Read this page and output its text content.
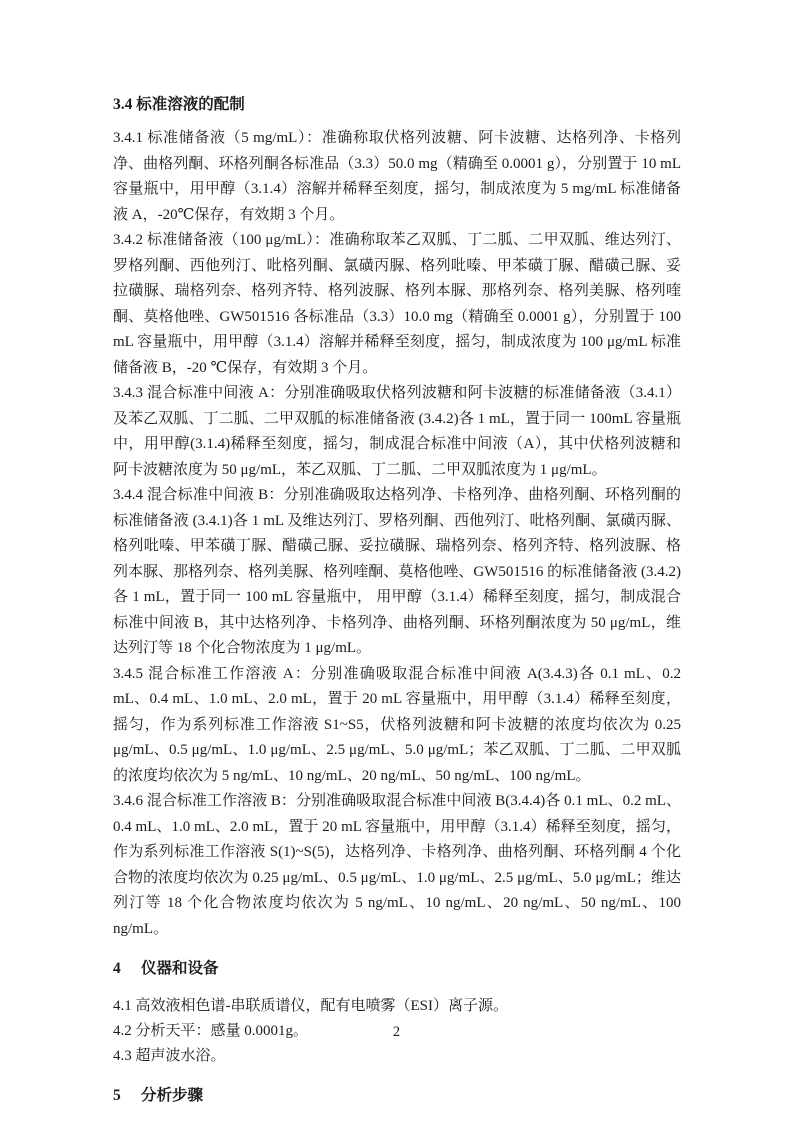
3.4 标准溶液的配制

3.4.1 标准储备液（5 mg/mL）：准确称取伏格列波糖、阿卡波糖、达格列净、卡格列净、曲格列酮、环格列酮各标准品（3.3）50.0 mg（精确至 0.0001 g），分别置于 10 mL 容量瓶中，用甲醇（3.1.4）溶解并稀释至刻度，摇匀，制成浓度为 5 mg/mL 标准储备液 A，-20℃保存，有效期 3 个月。

3.4.2 标准储备液（100 μg/mL）：准确称取苯乙双胍、丁二胍、二甲双胍、维达列汀、罗格列酮、西他列汀、吡格列酮、氯磺丙脲、格列吡嗪、甲苯磺丁脲、醋磺己脲、妥拉磺脲、瑞格列奈、格列齐特、格列波脲、格列本脲、那格列奈、格列美脲、格列喹酮、莫格他唑、GW501516 各标准品（3.3）10.0 mg（精确至 0.0001 g），分别置于 100 mL 容量瓶中，用甲醇（3.1.4）溶解并稀释至刻度，摇匀，制成浓度为 100 μg/mL 标准储备液 B，-20 ℃保存，有效期 3 个月。

3.4.3 混合标准中间液 A：分别准确吸取伏格列波糖和阿卡波糖的标准储备液（3.4.1）及苯乙双胍、丁二胍、二甲双胍的标准储备液 (3.4.2)各 1 mL，置于同一 100mL 容量瓶中，用甲醇(3.1.4)稀释至刻度，摇匀，制成混合标准中间液（A），其中伏格列波糖和阿卡波糖浓度为 50 μg/mL，苯乙双胍、丁二胍、二甲双胍浓度为 1 μg/mL。

3.4.4 混合标准中间液 B：分别准确吸取达格列净、卡格列净、曲格列酮、环格列酮的标准储备液 (3.4.1)各 1 mL 及维达列汀、罗格列酮、西他列汀、吡格列酮、氯磺丙脲、格列吡嗪、甲苯磺丁脲、醋磺己脲、妥拉磺脲、瑞格列奈、格列齐特、格列波脲、格列本脲、那格列奈、格列美脲、格列喹酮、莫格他唑、GW501516 的标准储备液 (3.4.2)各 1 mL，置于同一 100 mL 容量瓶中， 用甲醇（3.1.4）稀释至刻度，摇匀，制成混合标准中间液 B，其中达格列净、卡格列净、曲格列酮、环格列酮浓度为 50 μg/mL，维达列汀等 18 个化合物浓度为 1 μg/mL。

3.4.5 混合标准工作溶液 A：分别准确吸取混合标准中间液 A(3.4.3)各 0.1 mL、0.2 mL、0.4 mL、1.0 mL、2.0 mL，置于 20 mL 容量瓶中，用甲醇（3.1.4）稀释至刻度，摇匀，作为系列标准工作溶液 S1~S5，伏格列波糖和阿卡波糖的浓度均依次为 0.25 μg/mL、0.5 μg/mL、1.0 μg/mL、2.5 μg/mL、5.0 μg/mL；苯乙双胍、丁二胍、二甲双胍的浓度均依次为 5 ng/mL、10 ng/mL、20 ng/mL、50 ng/mL、100 ng/mL。

3.4.6 混合标准工作溶液 B：分别准确吸取混合标准中间液 B(3.4.4)各 0.1 mL、0.2 mL、0.4 mL、1.0 mL、2.0 mL，置于 20 mL 容量瓶中，用甲醇（3.1.4）稀释至刻度，摇匀，作为系列标准工作溶液 S(1)~S(5)，达格列净、卡格列净、曲格列酮、环格列酮 4 个化合物的浓度均依次为 0.25 μg/mL、0.5 μg/mL、1.0 μg/mL、2.5 μg/mL、5.0 μg/mL；维达列汀等 18 个化合物浓度均依次为 5 ng/mL、10 ng/mL、20 ng/mL、50 ng/mL、100 ng/mL。

4 仪器和设备

4.1 高效液相色谱-串联质谱仪，配有电喷雾（ESI）离子源。

4.2 分析天平：感量 0.0001g。

4.3 超声波水浴。

5 分析步骤

2
